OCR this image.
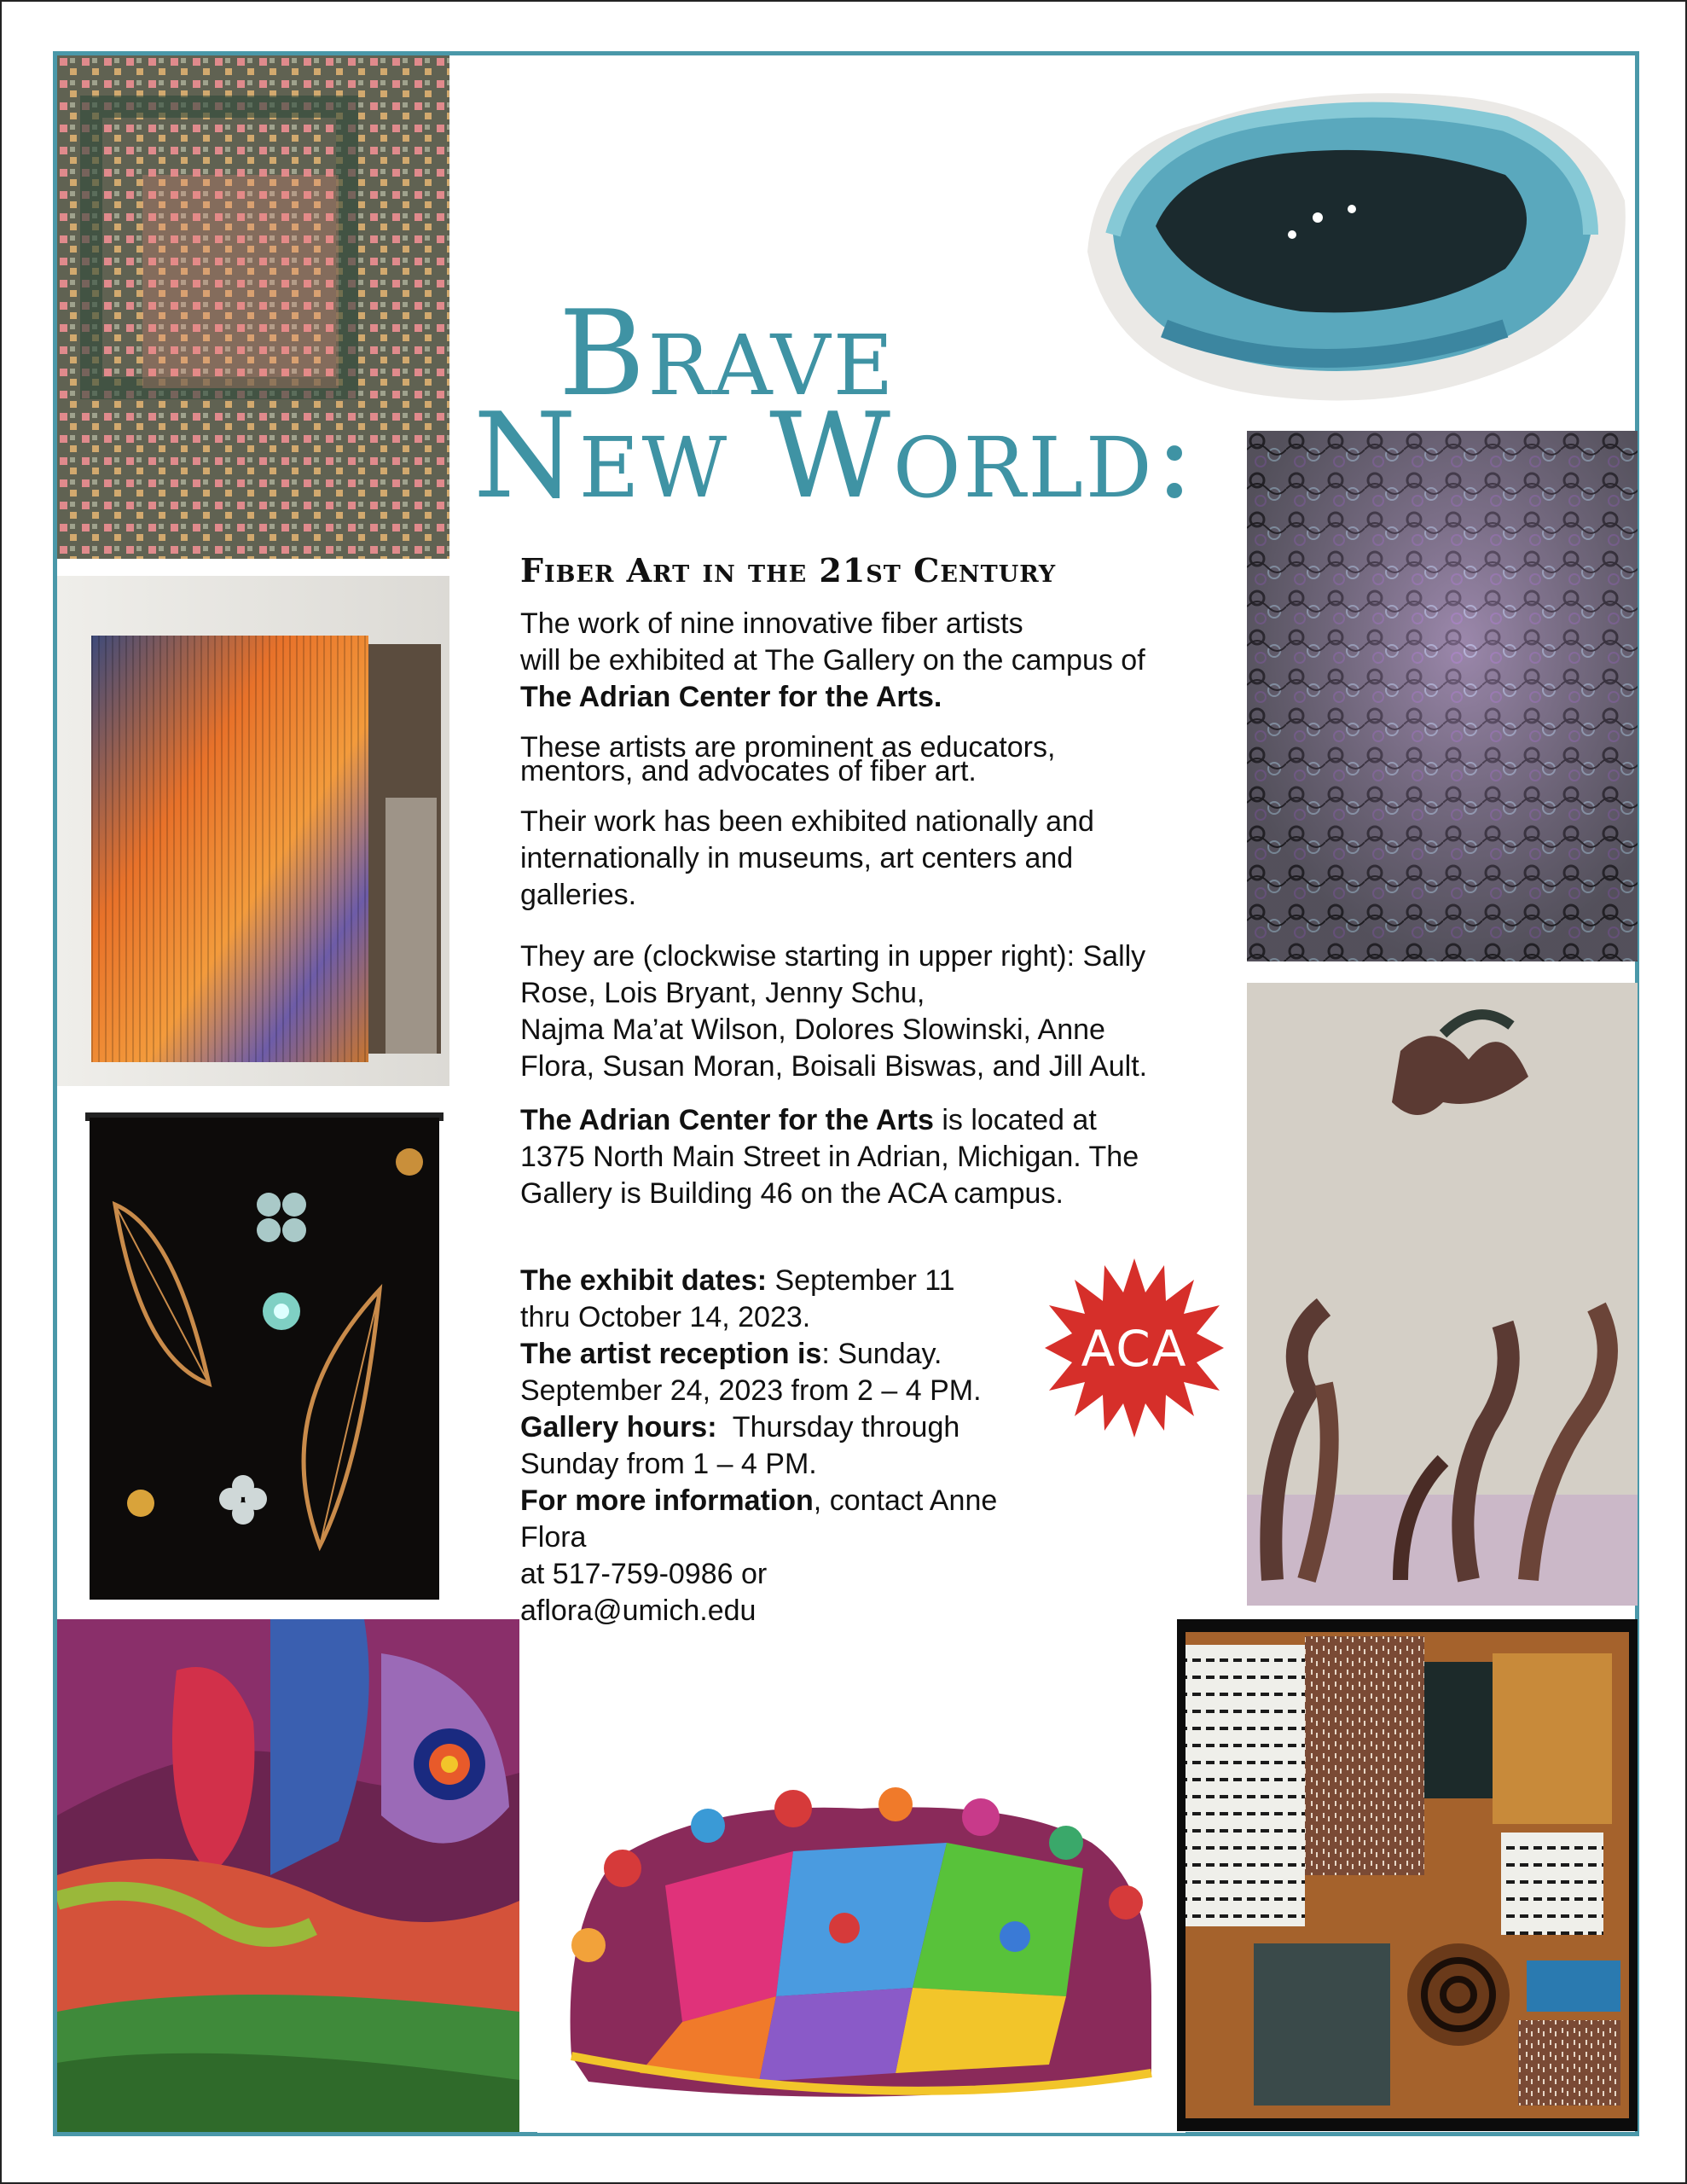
Brave
New World:
Fiber Art in the 21st Century
The work of nine innovative fiber artists
will be exhibited at The Gallery on the campus of
The Adrian Center for the Arts.
These artists are prominent as educators,
mentors, and advocates of fiber art.
Their work has been exhibited nationally and
internationally in museums, art centers and
galleries.
They are (clockwise starting in upper right): Sally
Rose, Lois Bryant, Jenny Schu,
Najma Ma’at Wilson, Dolores Slowinski, Anne
Flora, Susan Moran, Boisali Biswas, and Jill Ault.
The Adrian Center for the Arts is located at
1375 North Main Street in Adrian, Michigan. The
Gallery is Building 46 on the ACA campus.
The exhibit dates: September 11
thru October 14, 2023.
The artist reception is: Sunday.
September 24, 2023 from 2 – 4 PM.
Gallery hours:  Thursday through
Sunday from 1 – 4 PM.
For more information, contact Anne Flora
at 517-759-0986 or aflora@umich.edu
ACA
